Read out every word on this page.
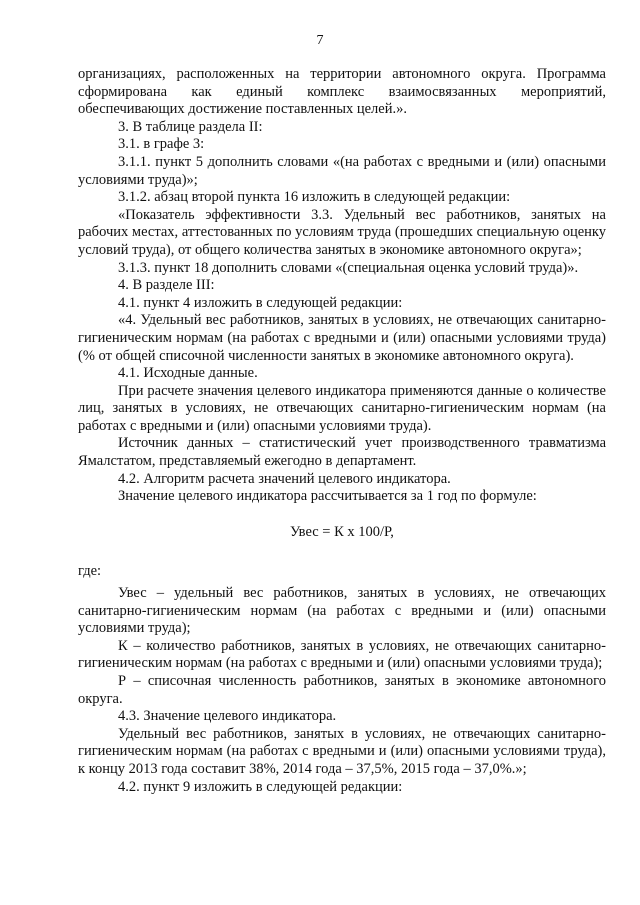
7

организациях, расположенных на территории автономного округа. Программа сформирована как единый комплекс взаимосвязанных мероприятий, обеспечивающих достижение поставленных целей.».

3. В таблице раздела II:

3.1. в графе 3:

3.1.1. пункт 5 дополнить словами «(на работах с вредными и (или) опасными условиями труда)»;

3.1.2. абзац второй пункта 16 изложить в следующей редакции:

«Показатель эффективности 3.3. Удельный вес работников, занятых на рабочих местах, аттестованных по условиям труда (прошедших специальную оценку условий труда), от общего количества занятых в экономике автономного округа»;

3.1.3. пункт 18 дополнить словами «(специальная оценка условий труда)».

4. В разделе III:

4.1. пункт 4 изложить в следующей редакции:

«4. Удельный вес работников, занятых в условиях, не отвечающих санитарно-гигиеническим нормам (на работах с вредными и (или) опасными условиями труда) (% от общей списочной численности занятых в экономике автономного округа).

4.1. Исходные данные.

При расчете значения целевого индикатора применяются данные о количестве лиц, занятых в условиях, не отвечающих санитарно-гигиеническим нормам (на работах с вредными и (или) опасными условиями труда).

Источник данных – статистический учет производственного травматизма Ямалстатом, представляемый ежегодно в департамент.

4.2. Алгоритм расчета значений целевого индикатора.

Значение целевого индикатора рассчитывается за 1 год по формуле:

Увес = К х 100/Р,

где:

Увес – удельный вес работников, занятых в условиях, не отвечающих санитарно-гигиеническим нормам (на работах с вредными и (или) опасными условиями труда);

К – количество работников, занятых в условиях, не отвечающих санитарно-гигиеническим нормам (на работах с вредными и (или) опасными условиями труда);

Р – списочная численность работников, занятых в экономике автономного округа.

4.3. Значение целевого индикатора.

Удельный вес работников, занятых в условиях, не отвечающих санитарно-гигиеническим нормам (на работах с вредными и (или) опасными условиями труда), к концу 2013 года составит 38%, 2014 года – 37,5%, 2015 года – 37,0%.»;

4.2. пункт 9 изложить в следующей редакции:
